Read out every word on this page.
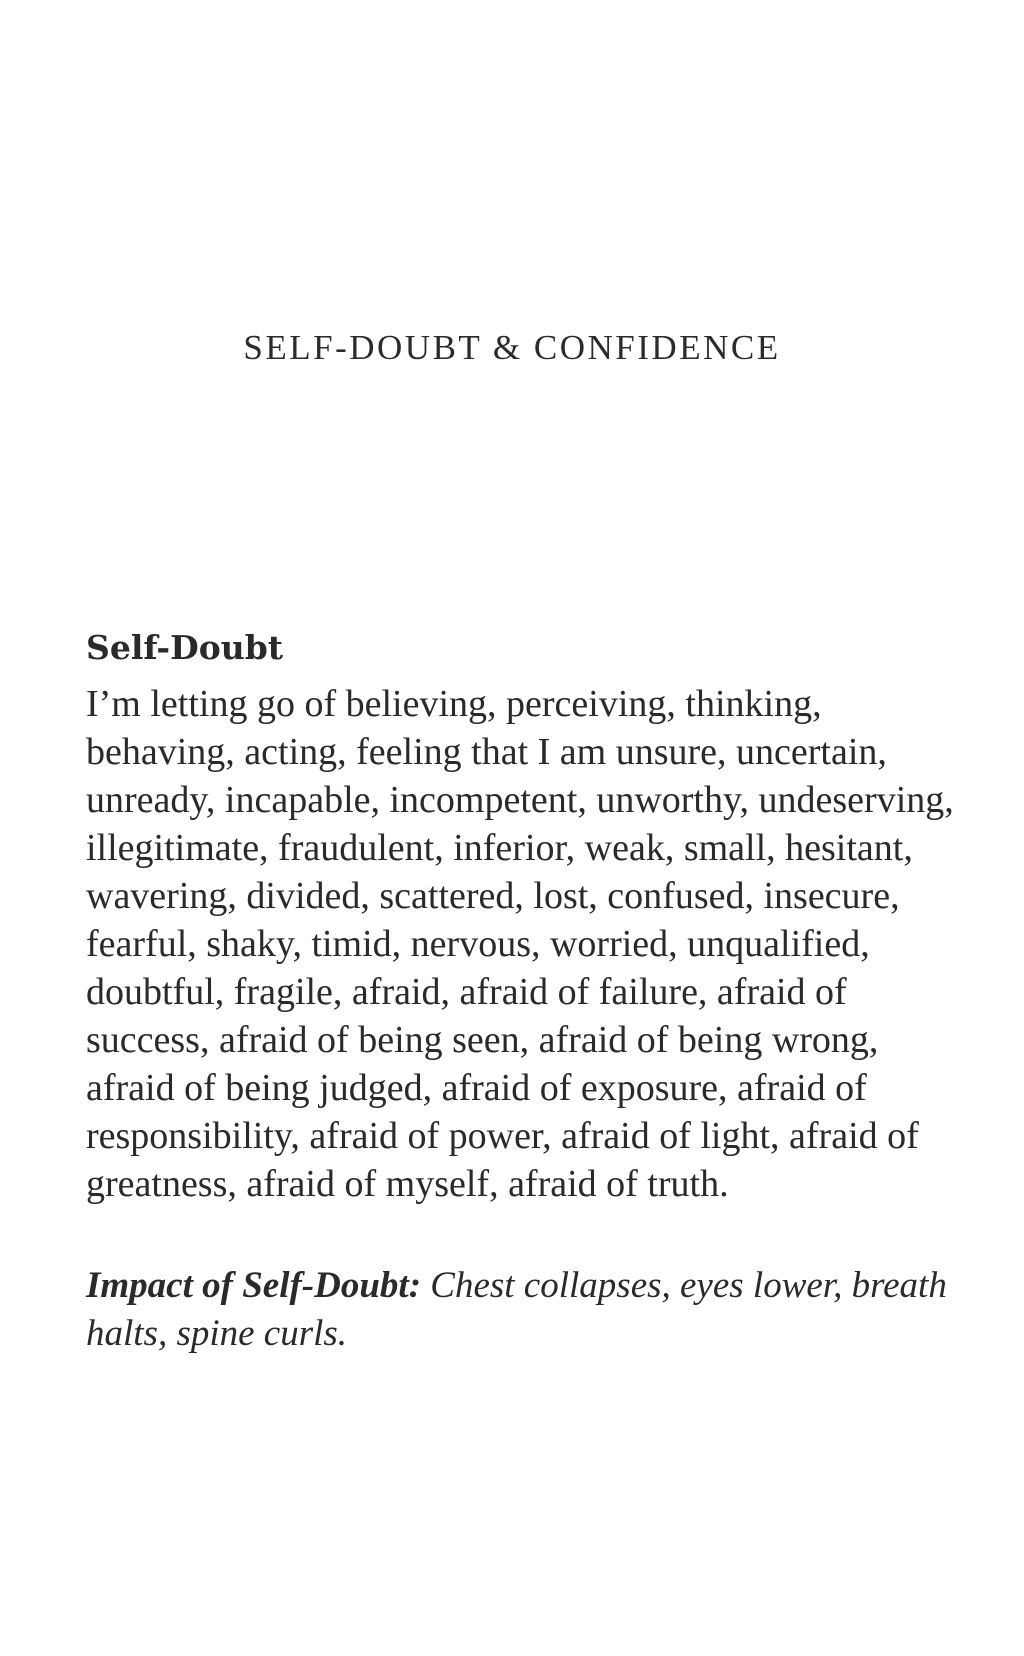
SELF-DOUBT & CONFIDENCE
Self-Doubt

I’m letting go of believing, perceiving, thinking, behaving, acting, feeling that I am unsure, uncertain, unready, incapable, incompetent, unworthy, undeserving, illegitimate, fraudulent, inferior, weak, small, hesitant, wavering, divided, scattered, lost, confused, insecure, fearful, shaky, timid, nervous, worried, unqualified, doubtful, fragile, afraid, afraid of failure, afraid of success, afraid of being seen, afraid of being wrong, afraid of being judged, afraid of exposure, afraid of responsibility, afraid of power, afraid of light, afraid of greatness, afraid of myself, afraid of truth.

Impact of Self-Doubt: Chest collapses, eyes lower, breath halts, spine curls.
